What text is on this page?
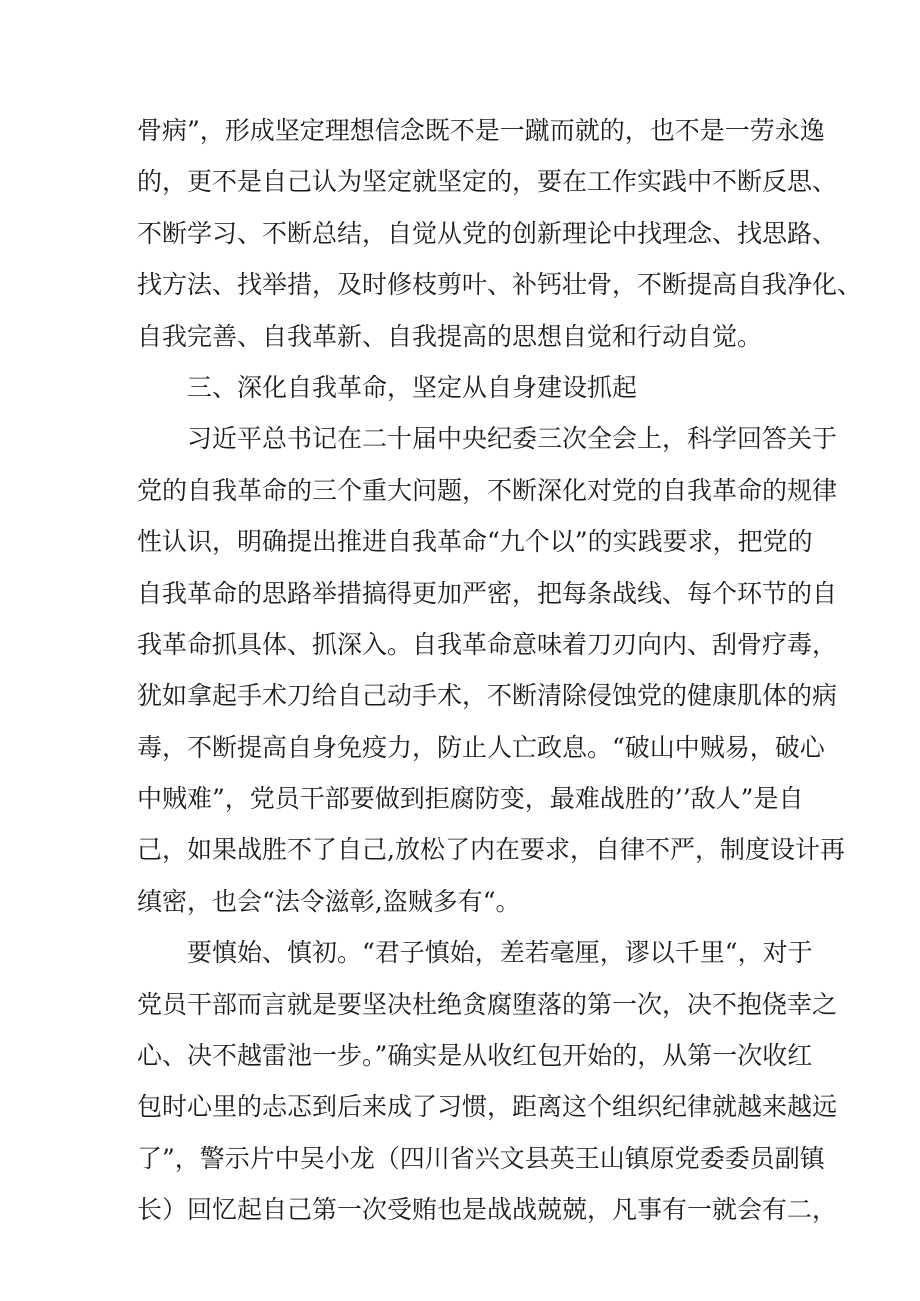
骨病”，形成坚定理想信念既不是一蹴而就的，也不是一劳永逸
的，更不是自己认为坚定就坚定的，要在工作实践中不断反思、
不断学习、不断总结，自觉从党的创新理论中找理念、找思路、
找方法、找举措，及时修枝剪叶、补钙壮骨，不断提高自我净化、
自我完善、自我革新、自我提高的思想自觉和行动自觉。
三、深化自我革命，坚定从自身建设抓起
习近平总书记在二十届中央纪委三次全会上，科学回答关于
党的自我革命的三个重大问题，不断深化对党的自我革命的规律
性认识，明确提出推进自我革命“九个以”的实践要求，把党的
自我革命的思路举措搞得更加严密，把每条战线、每个环节的自
我革命抓具体、抓深入。自我革命意味着刀刃向内、刮骨疗毒，
犹如拿起手术刀给自己动手术，不断清除侵蚀党的健康肌体的病
毒，不断提高自身免疫力，防止人亡政息。“破山中贼易，破心
中贼难”，党员干部要做到拒腐防变，最难战胜的’’敌人”是自
己，如果战胜不了自己,放松了内在要求，自律不严，制度设计再
缜密，也会“法令滋彰,盗贼多有“。
要慎始、慎初。“君子慎始，差若毫厘，谬以千里“，对于
党员干部而言就是要坚决杜绝贪腐堕落的第一次，决不抱侥幸之
心、决不越雷池一步。”确实是从收红包开始的，从第一次收红
包时心里的忐忑到后来成了习惯，距离这个组织纪律就越来越远
了”，警示片中吴小龙（四川省兴文县英王山镇原党委委员副镇
长）回忆起自己第一次受贿也是战战兢兢，凡事有一就会有二，
